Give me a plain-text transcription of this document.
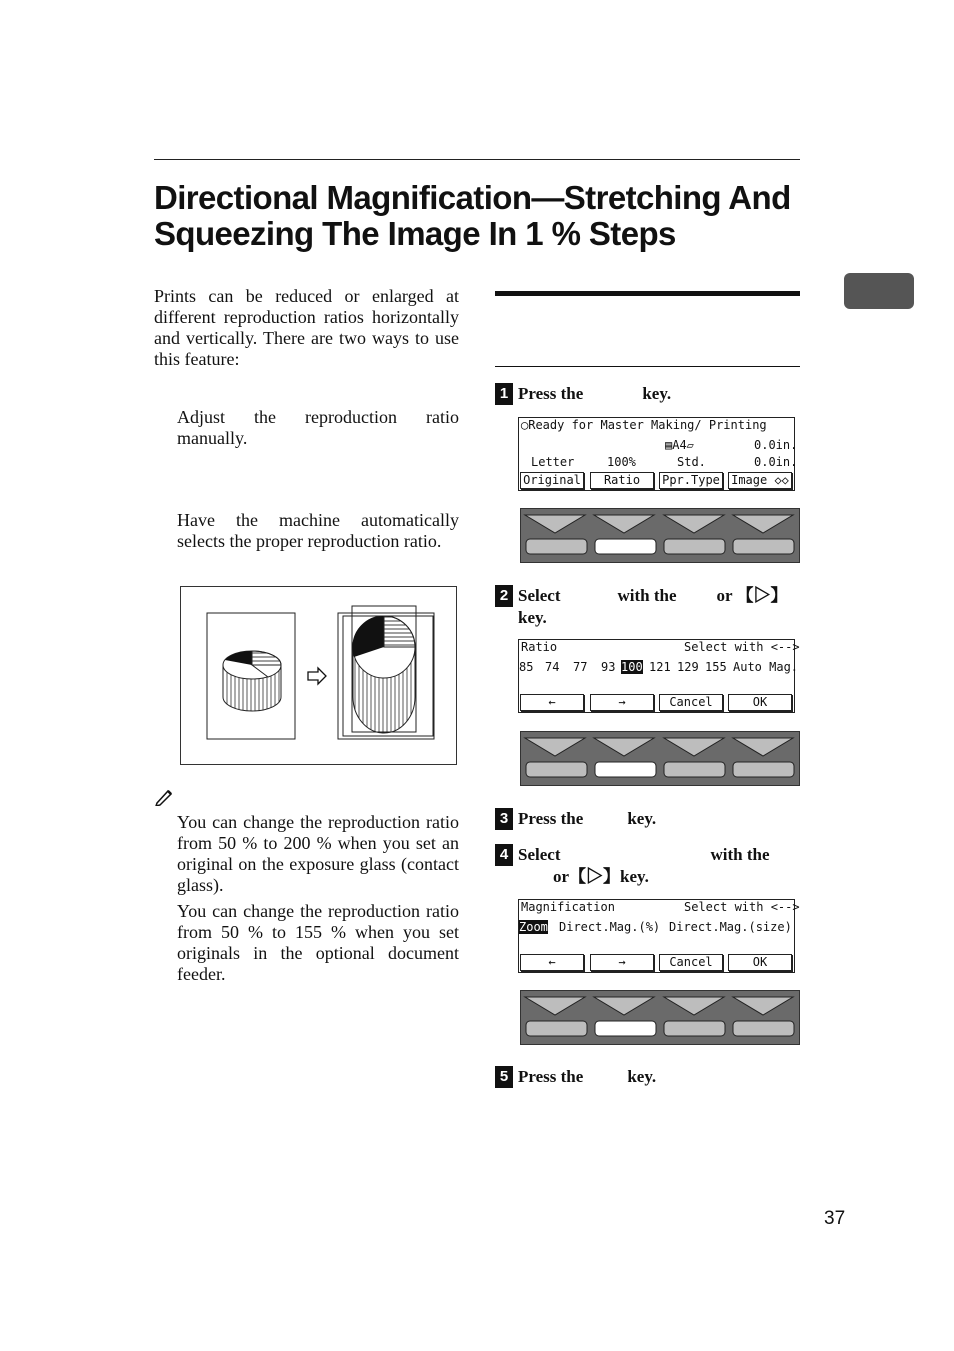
Directional Magnification—Stretching And Squeezing The Image In 1 % Steps
Prints can be reduced or enlarged at different reproduction ratios horizontally and vertically. There are two ways to use this feature:
Adjust the reproduction ratio manually.
Have the machine automatically selects the proper reproduction ratio.
You can change the reproduction ratio from 50 % to 200 % when you set an original on the exposure glass (contact glass).
You can change the reproduction ratio from 50 % to 155 % when you set originals in the optional document feeder.
1 Press the	key.
◯Ready for Master Making/ Printing
▤A4▱	0.0in.
Letter	100%	Std.	0.0in.
Original	Ratio	Ppr.Type Image ◇◇
2 Select	with the or 【▷】
key.
Ratio	Select with <-->
85 74 77 93 100 121 129 155 Auto Mag.
←	→	Cancel	OK
3 Press the	key.
4 Select	with the
or【▷】key.
Magnification	Select with <-->
Zoom Direct.Mag.(%) Direct.Mag.(size)
←	→	Cancel	OK
5 Press the	key.
37
